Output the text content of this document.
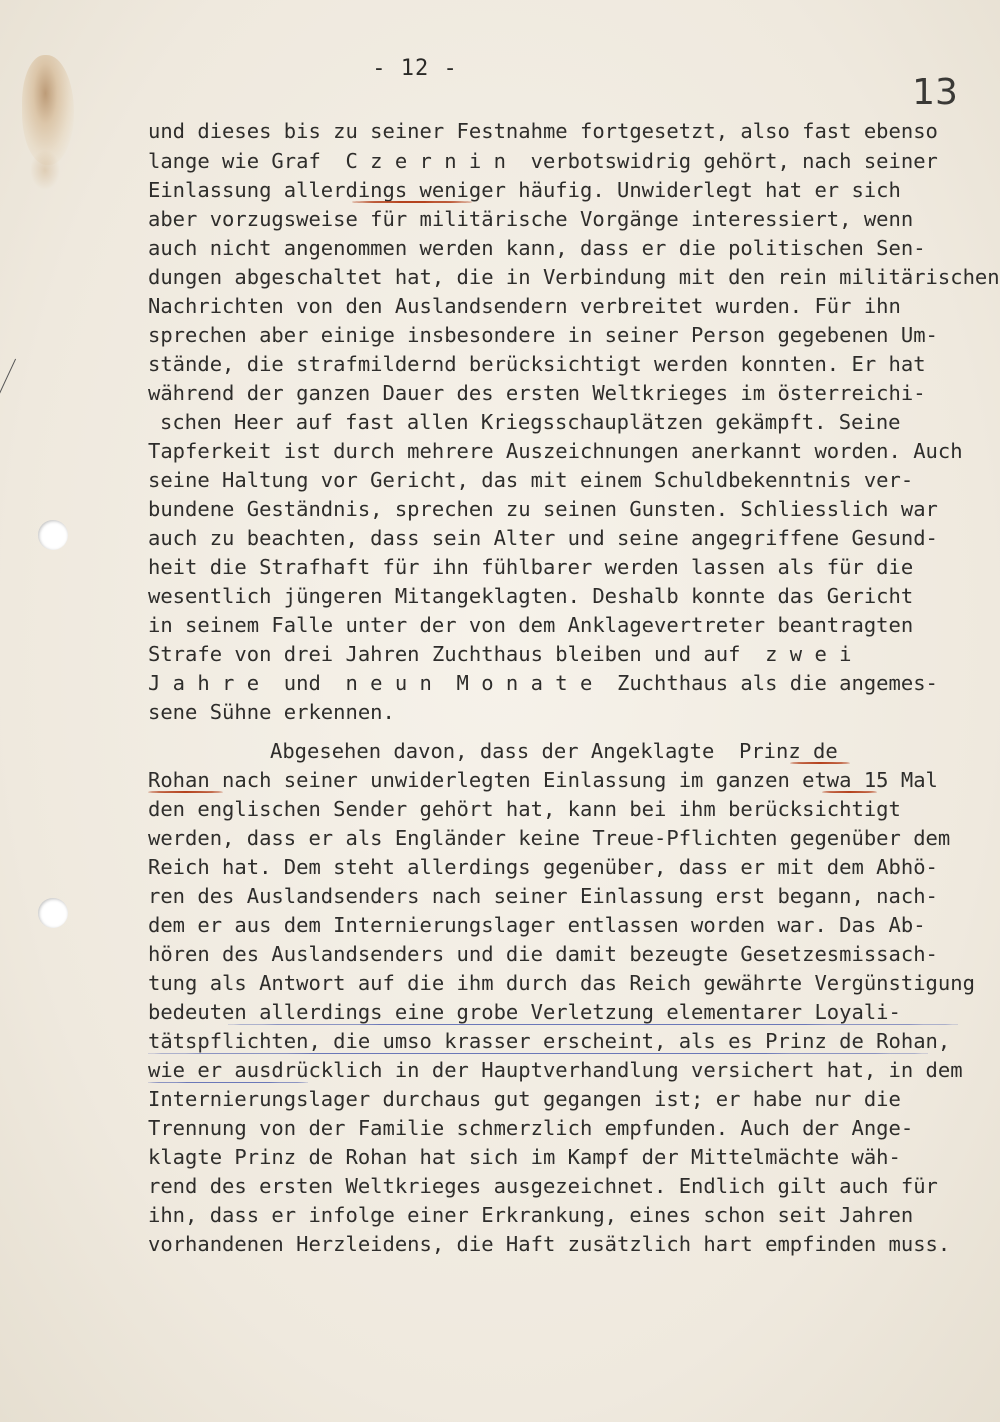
- 12 -
13
und dieses bis zu seiner Festnahme fortgesetzt, also fast ebenso
lange wie Graf  C z e r n i n  verbotswidrig gehört, nach seiner
Einlassung allerdings weniger häufig. Unwiderlegt hat er sich
aber vorzugsweise für militärische Vorgänge interessiert, wenn
auch nicht angenommen werden kann, dass er die politischen Sen-
dungen abgeschaltet hat, die in Verbindung mit den rein militärischen
Nachrichten von den Auslandsendern verbreitet wurden. Für ihn
sprechen aber einige insbesondere in seiner Person gegebenen Um-
stände, die strafmildernd berücksichtigt werden konnten. Er hat
während der ganzen Dauer des ersten Weltkrieges im österreichi-
schen Heer auf fast allen Kriegsschauplätzen gekämpft. Seine
Tapferkeit ist durch mehrere Auszeichnungen anerkannt worden. Auch
seine Haltung vor Gericht, das mit einem Schuldbekenntnis ver-
bundene Geständnis, sprechen zu seinen Gunsten. Schliesslich war
auch zu beachten, dass sein Alter und seine angegriffene Gesund-
heit die Strafhaft für ihn fühlbarer werden lassen als für die
wesentlich jüngeren Mitangeklagten. Deshalb konnte das Gericht
in seinem Falle unter der von dem Anklagevertreter beantragten
Strafe von drei Jahren Zuchthaus bleiben und auf  z w e i
J a h r e  und  n e u n  M o n a t e  Zuchthaus als die angemes-
sene Sühne erkennen.
Abgesehen davon, dass der Angeklagte  Prinz de
Rohan nach seiner unwiderlegten Einlassung im ganzen etwa 15 Mal
den englischen Sender gehört hat, kann bei ihm berücksichtigt
werden, dass er als Engländer keine Treue-Pflichten gegenüber dem
Reich hat. Dem steht allerdings gegenüber, dass er mit dem Abhö-
ren des Auslandsenders nach seiner Einlassung erst begann, nach-
dem er aus dem Internierungslager entlassen worden war. Das Ab-
hören des Auslandsenders und die damit bezeugte Gesetzesmissach-
tung als Antwort auf die ihm durch das Reich gewährte Vergünstigung
bedeuten allerdings eine grobe Verletzung elementarer Loyali-
tätspflichten, die umso krasser erscheint, als es Prinz de Rohan,
wie er ausdrücklich in der Hauptverhandlung versichert hat, in dem
Internierungslager durchaus gut gegangen ist; er habe nur die
Trennung von der Familie schmerzlich empfunden. Auch der Ange-
klagte Prinz de Rohan hat sich im Kampf der Mittelmächte wäh-
rend des ersten Weltkrieges ausgezeichnet. Endlich gilt auch für
ihn, dass er infolge einer Erkrankung, eines schon seit Jahren
vorhandenen Herzleidens, die Haft zusätzlich hart empfinden muss.
